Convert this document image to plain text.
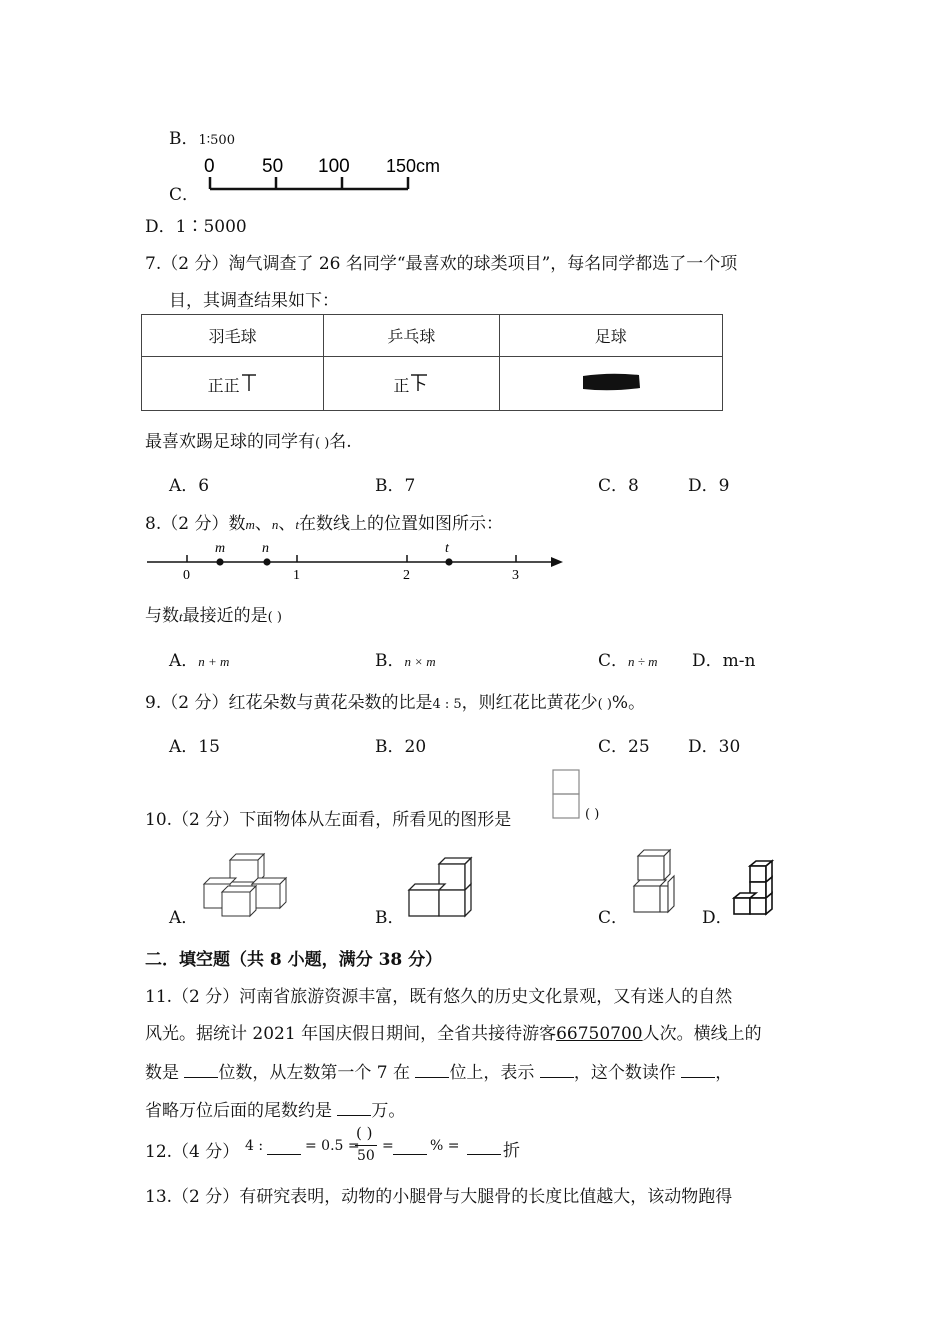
B．1∶500
C．
0 50 100 150cm
D．1∶5000
7.（2 分）淘气调查了 26 名同学“最喜欢的球类项目”，每名同学都选了一个项
目，其调查结果如下：
羽毛球	乒乓球	足球
正正	正	
最喜欢踢足球的同学有( )名.
A．6	B．7	C．8	D．9
8.（2 分）数m、n、t在数线上的位置如图所示：
0	1	2	3
m	n	t
与数t最接近的是( )
A．n + m	B．n × m	C．n ÷ m D．m-n
9.（2 分）红花朵数与黄花朵数的比是4 : 5，则红花比黄花少( )%。
A．15	B．20	C．25 D．30
10.（2 分）下面物体从左面看，所看见的图形是	( )
A．	B．	C．	D．
二．填空题（共 8 小题，满分 38 分）
11.（2 分）河南省旅游资源丰富，既有悠久的历史文化景观，又有迷人的自然
风光。据统计 2021 年国庆假日期间，全省共接待游客66750700人次。横线上的
数是 位数，从左数第一个 7 在 位上，表示 ，这个数读作 ，
省略万位后面的尾数约是 万。
12.（4 分） 4 :	= 0.5 =
( )
50
=	% =	折
13.（2 分）有研究表明，动物的小腿骨与大腿骨的长度比值越大，该动物跑得
